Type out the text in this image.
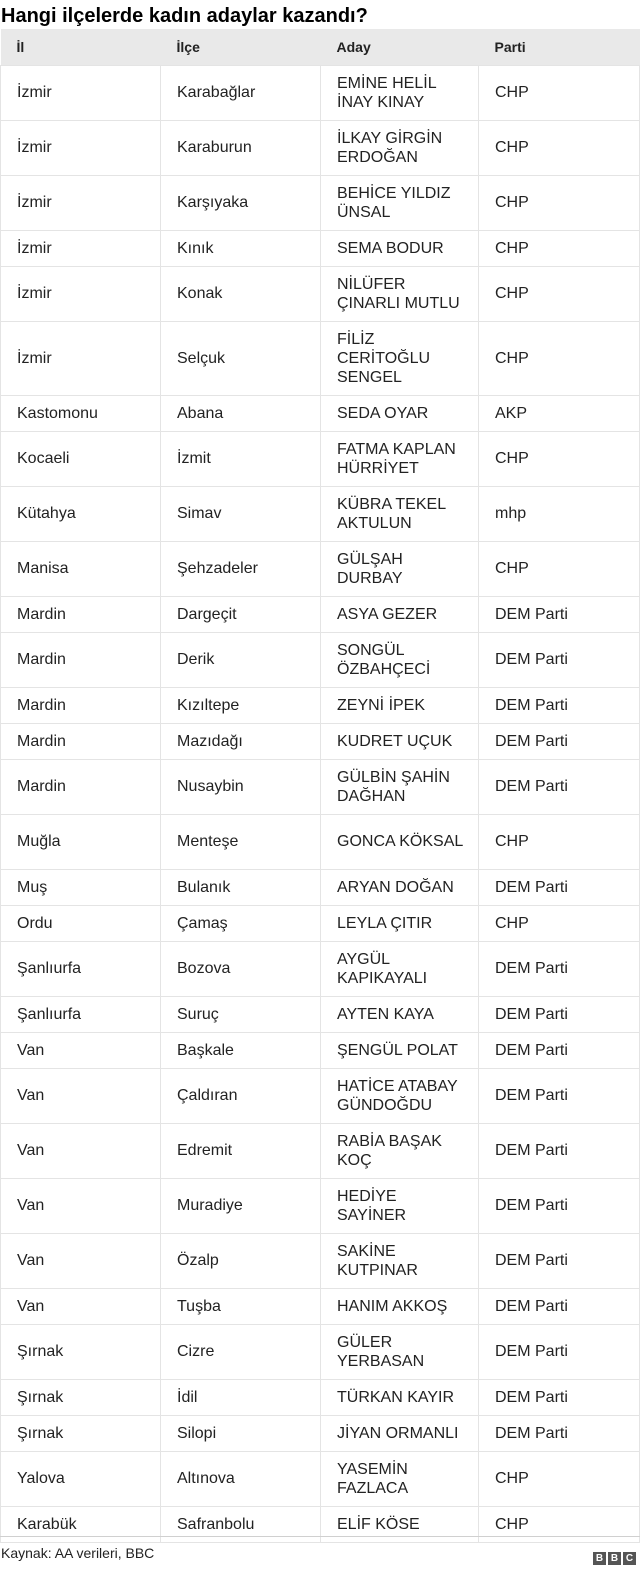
Hangi ilçelerde kadın adaylar kazandı?
İl	İlçe	Aday	Parti
İzmir	Karabağlar	EMİNE HELİL İNAY KINAY	CHP
İzmir	Karaburun	İLKAY GİRGİN ERDOĞAN	CHP
İzmir	Karşıyaka	BEHİCE YILDIZ ÜNSAL	CHP
İzmir	Kınık	SEMA BODUR	CHP
İzmir	Konak	NİLÜFER ÇINARLI MUTLU	CHP
İzmir	Selçuk	FİLİZ CERİTOĞLU SENGEL	CHP
Kastomonu	Abana	SEDA OYAR	AKP
Kocaeli	İzmit	FATMA KAPLAN HÜRRİYET	CHP
Kütahya	Simav	KÜBRA TEKEL AKTULUN	mhp
Manisa	Şehzadeler	GÜLŞAH DURBAY	CHP
Mardin	Dargeçit	ASYA GEZER	DEM Parti
Mardin	Derik	SONGÜL ÖZBAHÇECİ	DEM Parti
Mardin	Kızıltepe	ZEYNİ İPEK	DEM Parti
Mardin	Mazıdağı	KUDRET UÇUK	DEM Parti
Mardin	Nusaybin	GÜLBİN ŞAHİN DAĞHAN	DEM Parti
Muğla	Menteşe	GONCA KÖKSAL	CHP
Muş	Bulanık	ARYAN DOĞAN	DEM Parti
Ordu	Çamaş	LEYLA ÇITIR	CHP
Şanlıurfa	Bozova	AYGÜL KAPIKAYALI	DEM Parti
Şanlıurfa	Suruç	AYTEN KAYA	DEM Parti
Van	Başkale	ŞENGÜL POLAT	DEM Parti
Van	Çaldıran	HATİCE ATABAY GÜNDOĞDU	DEM Parti
Van	Edremit	RABİA BAŞAK KOÇ	DEM Parti
Van	Muradiye	HEDİYE SAYİNER	DEM Parti
Van	Özalp	SAKİNE KUTPINAR	DEM Parti
Van	Tuşba	HANIM AKKOŞ	DEM Parti
Şırnak	Cizre	GÜLER YERBASAN	DEM Parti
Şırnak	İdil	TÜRKAN KAYIR	DEM Parti
Şırnak	Silopi	JİYAN ORMANLI	DEM Parti
Yalova	Altınova	YASEMİN FAZLACA	CHP
Karabük	Safranbolu	ELİF KÖSE	CHP
Kaynak: AA verileri, BBC	B B C
